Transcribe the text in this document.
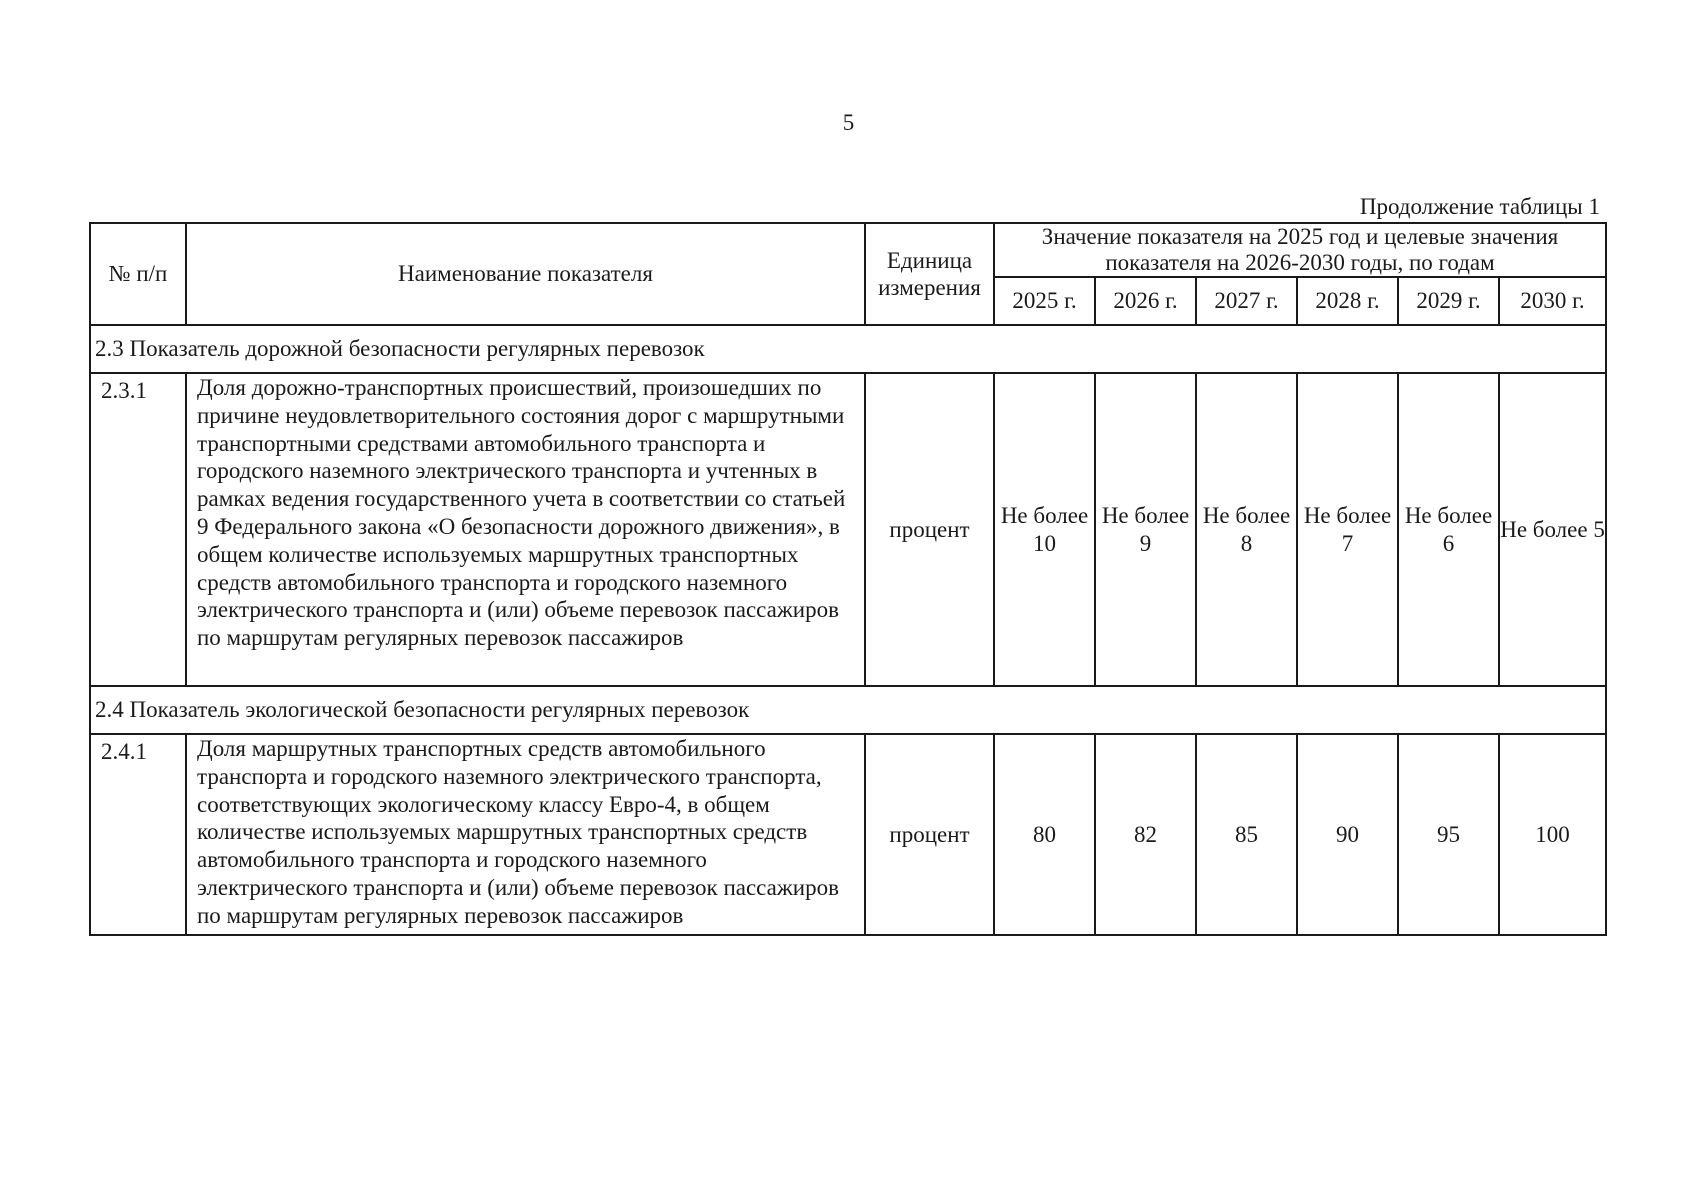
5
Продолжение таблицы 1
№ п/п	Наименование показателя	Единица измерения	Значение показателя на 2025 год и целевые значения показателя на 2026-2030 годы, по годам					
			2025 г.	2026 г.	2027 г.	2028 г.	2029 г.	2030 г.
2.3 Показатель дорожной безопасности регулярных перевозок								
2.3.1	Доля дорожно-транспортных происшествий, произошедших по причине неудовлетворительного состояния дорог с маршрутными транспортными средствами автомобильного транспорта и городского наземного электрического транспорта и учтенных в рамках ведения государственного учета в соответствии со статьей 9 Федерального закона «О безопасности дорожного движения», в общем количестве используемых маршрутных транспортных средств автомобильного транспорта и городского наземного электрического транспорта и (или) объеме перевозок пассажиров по маршрутам регулярных перевозок пассажиров	процент	Не более 10	Не более 9	Не более 8	Не более 7	Не более 6	Не более 5
2.4 Показатель экологической безопасности регулярных перевозок								
2.4.1	Доля маршрутных транспортных средств автомобильного транспорта и городского наземного электрического транспорта, соответствующих экологическому классу Евро-4, в общем количестве используемых маршрутных транспортных средств автомобильного транспорта и городского наземного электрического транспорта и (или) объеме перевозок пассажиров по маршрутам регулярных перевозок пассажиров	процент	80	82	85	90	95	100
